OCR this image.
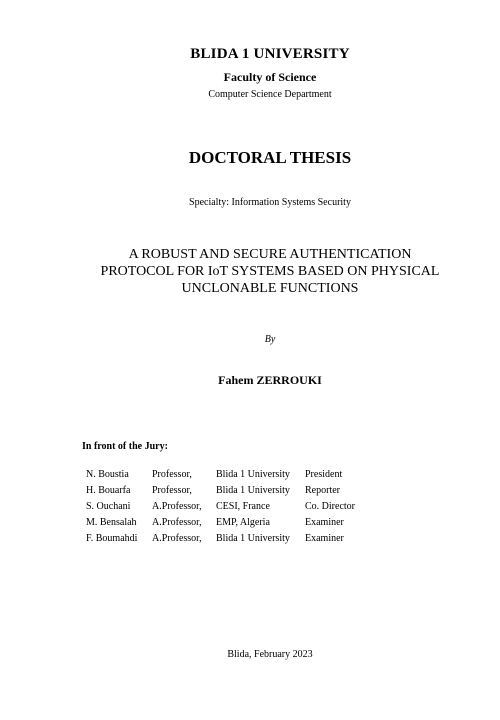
BLIDA 1 UNIVERSITY

Faculty of Science

Computer Science Department

DOCTORAL THESIS

Specialty: Information Systems Security

A ROBUST AND SECURE AUTHENTICATION
PROTOCOL FOR IoT SYSTEMS BASED ON PHYSICAL
UNCLONABLE FUNCTIONS

By

Fahem ZERROUKI

In front of the Jury:

N. Boustia	Professor,	Blida 1 University	President
H. Bouarfa	Professor,	Blida 1 University	Reporter
S. Ouchani	A.Professor,	CESI, France	Co. Director
M. Bensalah	A.Professor,	EMP, Algeria	Examiner
F. Boumahdi	A.Professor,	Blida 1 University	Examiner

Blida, February 2023
